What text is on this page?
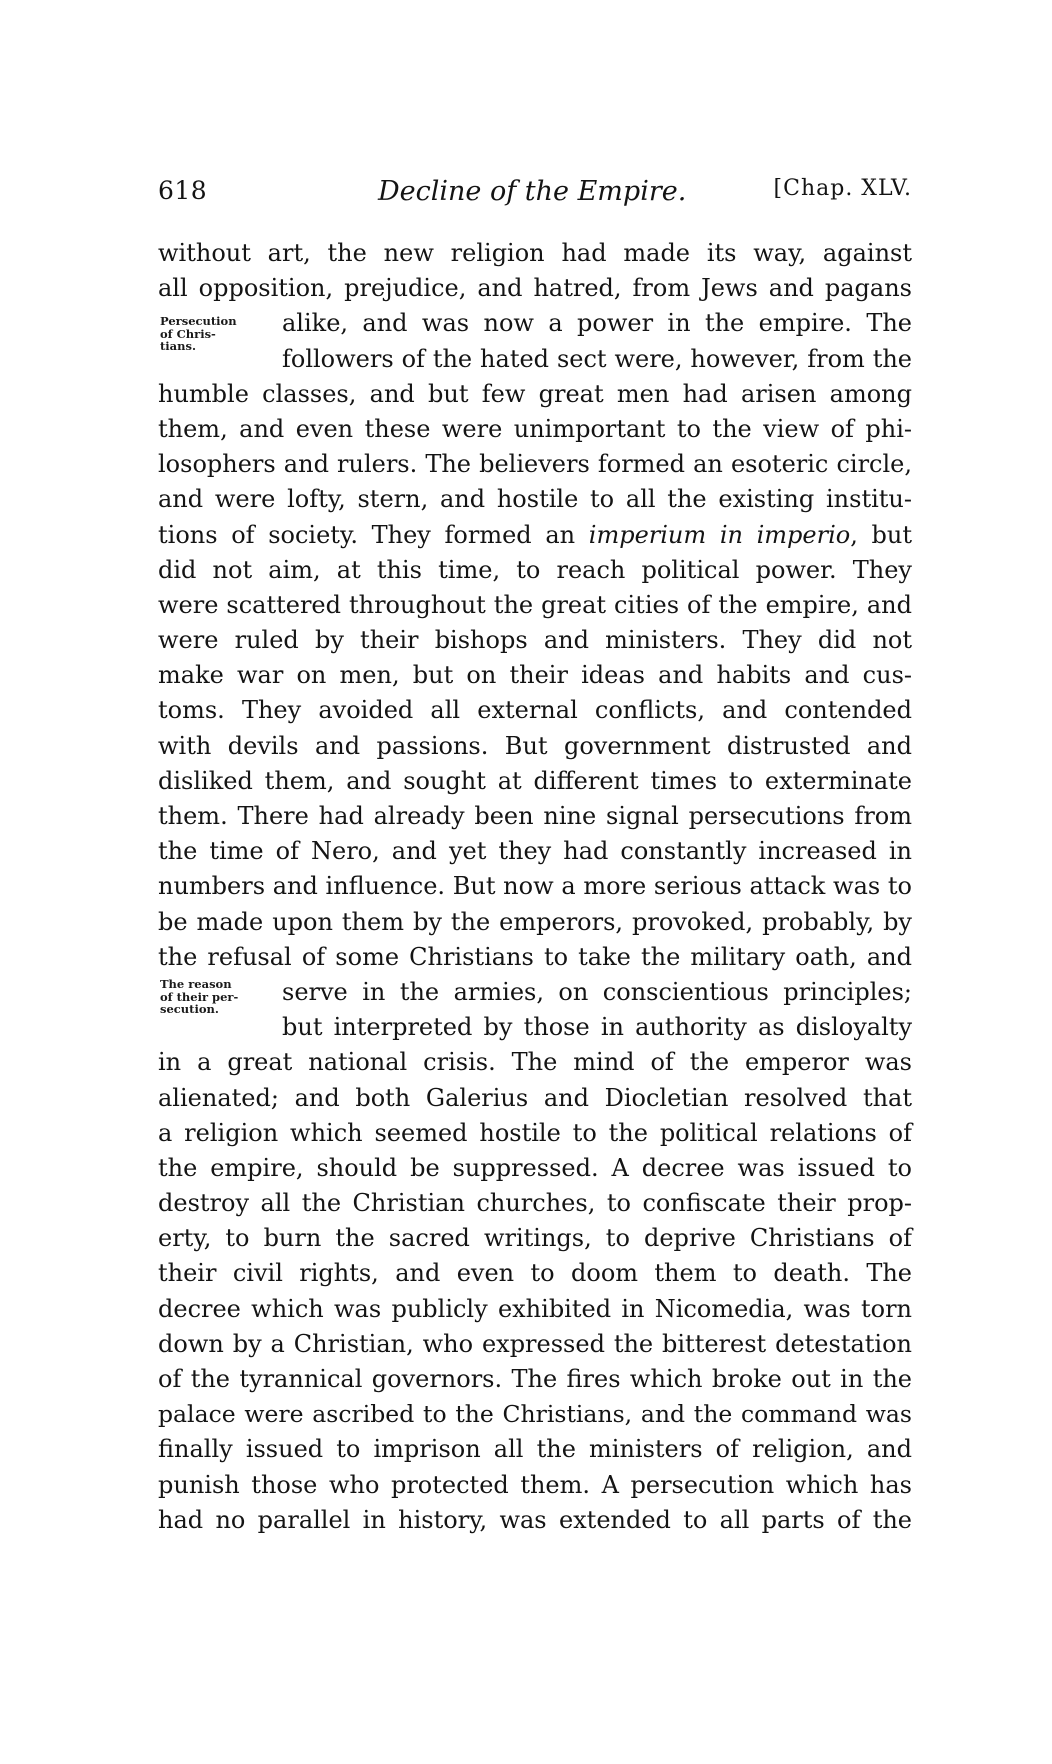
618	Decline of the Empire.	[Chap. XLV.
Persecution
of Chris-
tians.
The reason
of their per-
secution.
without art, the new religion had made its way, against
all opposition, prejudice, and hatred, from Jews and pagans
alike, and was now a power in the empire. The
followers of the hated sect were, however, from the
humble classes, and but few great men had arisen among
them, and even these were unimportant to the view of phi-
losophers and rulers. The believers formed an esoteric circle,
and were lofty, stern, and hostile to all the existing institu-
tions of society. They formed an imperium in imperio, but
did not aim, at this time, to reach political power. They
were scattered throughout the great cities of the empire, and
were ruled by their bishops and ministers. They did not
make war on men, but on their ideas and habits and cus-
toms. They avoided all external conflicts, and contended
with devils and passions. But government distrusted and
disliked them, and sought at different times to exterminate
them. There had already been nine signal persecutions from
the time of Nero, and yet they had constantly increased in
numbers and influence. But now a more serious attack was to
be made upon them by the emperors, provoked, probably, by
the refusal of some Christians to take the military oath, and
serve in the armies, on conscientious principles;
but interpreted by those in authority as disloyalty
in a great national crisis. The mind of the emperor was
alienated; and both Galerius and Diocletian resolved that
a religion which seemed hostile to the political relations of
the empire, should be suppressed. A decree was issued to
destroy all the Christian churches, to confiscate their prop-
erty, to burn the sacred writings, to deprive Christians of
their civil rights, and even to doom them to death. The
decree which was publicly exhibited in Nicomedia, was torn
down by a Christian, who expressed the bitterest detestation
of the tyrannical governors. The fires which broke out in the
palace were ascribed to the Christians, and the command was
finally issued to imprison all the ministers of religion, and
punish those who protected them. A persecution which has
had no parallel in history, was extended to all parts of the
